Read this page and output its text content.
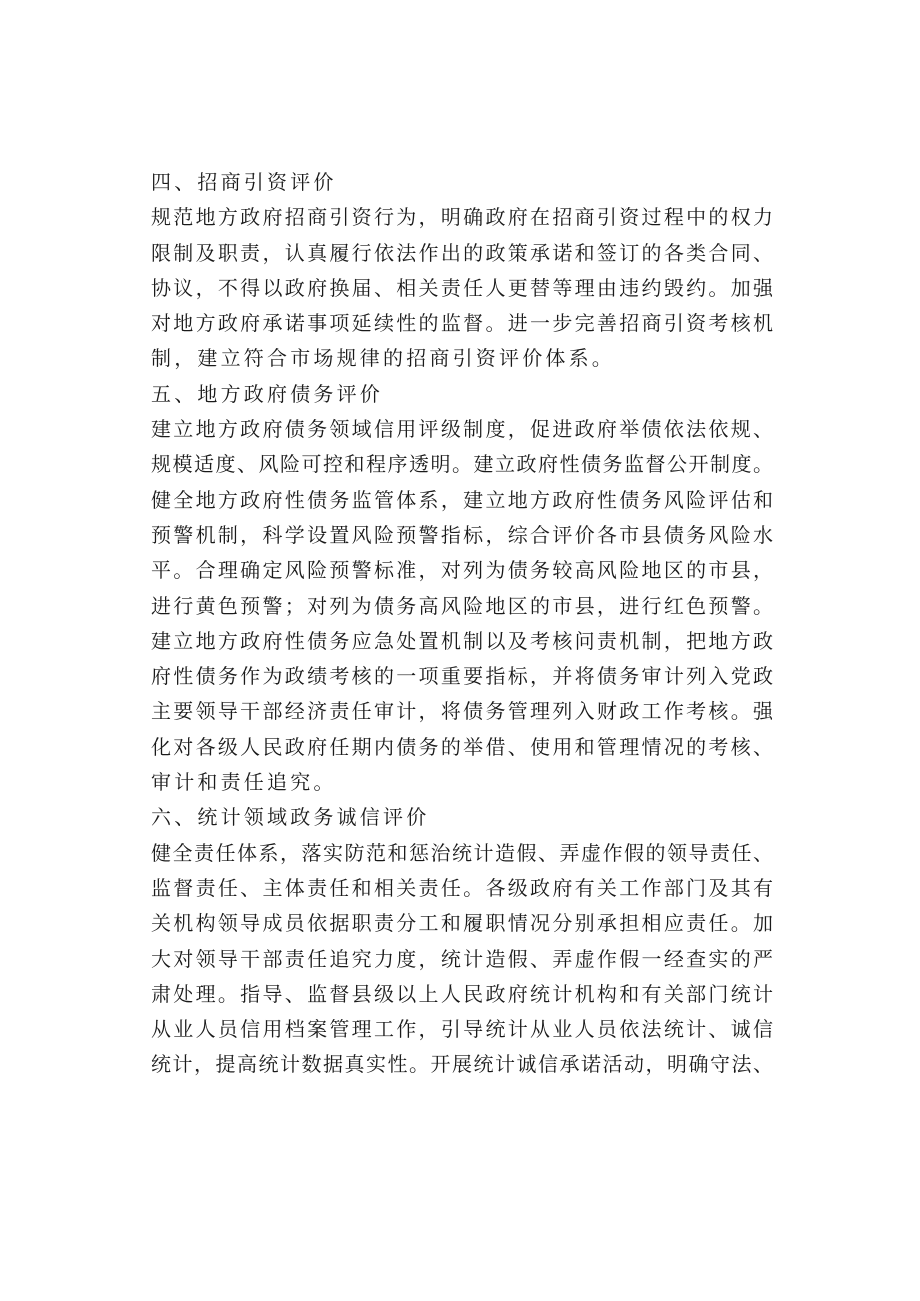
四、招商引资评价
规范地方政府招商引资行为，明确政府在招商引资过程中的权力
限制及职责，认真履行依法作出的政策承诺和签订的各类合同、
协议，不得以政府换届、相关责任人更替等理由违约毁约。加强
对地方政府承诺事项延续性的监督。进一步完善招商引资考核机
制，建立符合市场规律的招商引资评价体系。
五、地方政府债务评价
建立地方政府债务领域信用评级制度，促进政府举债依法依规、
规模适度、风险可控和程序透明。建立政府性债务监督公开制度。
健全地方政府性债务监管体系，建立地方政府性债务风险评估和
预警机制，科学设置风险预警指标，综合评价各市县债务风险水
平。合理确定风险预警标准，对列为债务较高风险地区的市县，
进行黄色预警；对列为债务高风险地区的市县，进行红色预警。
建立地方政府性债务应急处置机制以及考核问责机制，把地方政
府性债务作为政绩考核的一项重要指标，并将债务审计列入党政
主要领导干部经济责任审计，将债务管理列入财政工作考核。强
化对各级人民政府任期内债务的举借、使用和管理情况的考核、
审计和责任追究。
六、统计领域政务诚信评价
健全责任体系，落实防范和惩治统计造假、弄虚作假的领导责任、
监督责任、主体责任和相关责任。各级政府有关工作部门及其有
关机构领导成员依据职责分工和履职情况分别承担相应责任。加
大对领导干部责任追究力度，统计造假、弄虚作假一经查实的严
肃处理。指导、监督县级以上人民政府统计机构和有关部门统计
从业人员信用档案管理工作，引导统计从业人员依法统计、诚信
统计，提高统计数据真实性。开展统计诚信承诺活动，明确守法、
